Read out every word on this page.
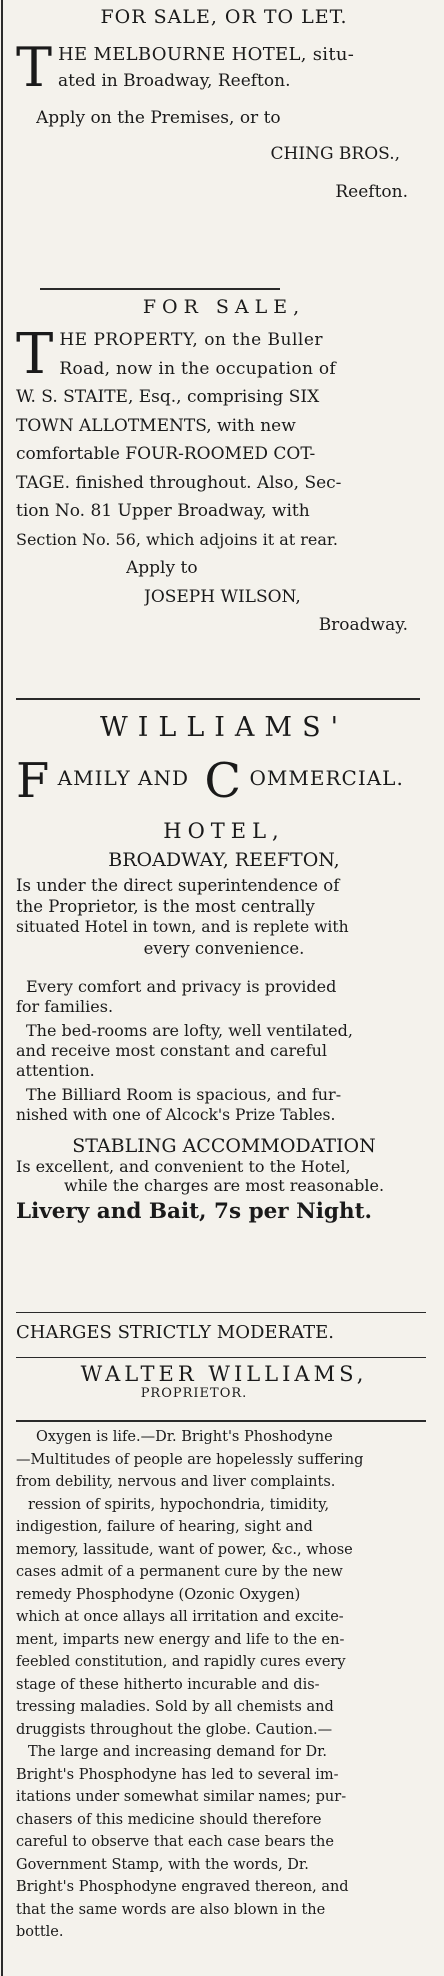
FOR SALE, OR TO LET.
T HE MELBOURNE HOTEL, situ-
ated in Broadway, Reefton.
Apply on the Premises, or to
CHING BROS.,
Reefton.
FOR SALE,
T HE PROPERTY, on the Buller
Road, now in the occupation of
W. S. STAITE, Esq., comprising SIX
TOWN ALLOTMENTS, with new
comfortable FOUR-ROOMED COT-
TAGE. finished throughout. Also, Sec-
tion No. 81 Upper Broadway, with
Section No. 56, which adjoins it at rear.
Apply to
JOSEPH WILSON,
Broadway.
WILLIAMS'
F AMILY AND C OMMERCIAL.
HOTEL,
BROADWAY, REEFTON,
Is under the direct superintendence of
the Proprietor, is the most centrally
situated Hotel in town, and is replete with
every convenience.
Every comfort and privacy is provided
for families.
The bed-rooms are lofty, well ventilated,
and receive most constant and careful
attention.
The Billiard Room is spacious, and fur-
nished with one of Alcock's Prize Tables.
STABLING ACCOMMODATION
Is excellent, and convenient to the Hotel,
while the charges are most reasonable.
Livery and Bait, 7s per Night.
CHARGES STRICTLY MODERATE.
WALTER WILLIAMS,
PROPRIETOR.
Oxygen is life.—Dr. Bright's Phoshodyne
—Multitudes of people are hopelessly suffering
from debility, nervous and liver complaints.
ression of spirits, hypochondria, timidity,
indigestion, failure of hearing, sight and
memory, lassitude, want of power, &c., whose
cases admit of a permanent cure by the new
remedy Phosphodyne (Ozonic Oxygen)
which at once allays all irritation and excite-
ment, imparts new energy and life to the en-
feebled constitution, and rapidly cures every
stage of these hitherto incurable and dis-
tressing maladies. Sold by all chemists and
druggists throughout the globe. Caution.—
The large and increasing demand for Dr.
Bright's Phosphodyne has led to several im-
itations under somewhat similar names; pur-
chasers of this medicine should therefore
careful to observe that each case bears the
Government Stamp, with the words, Dr.
Bright's Phosphodyne engraved thereon, and
that the same words are also blown in the
bottle.
